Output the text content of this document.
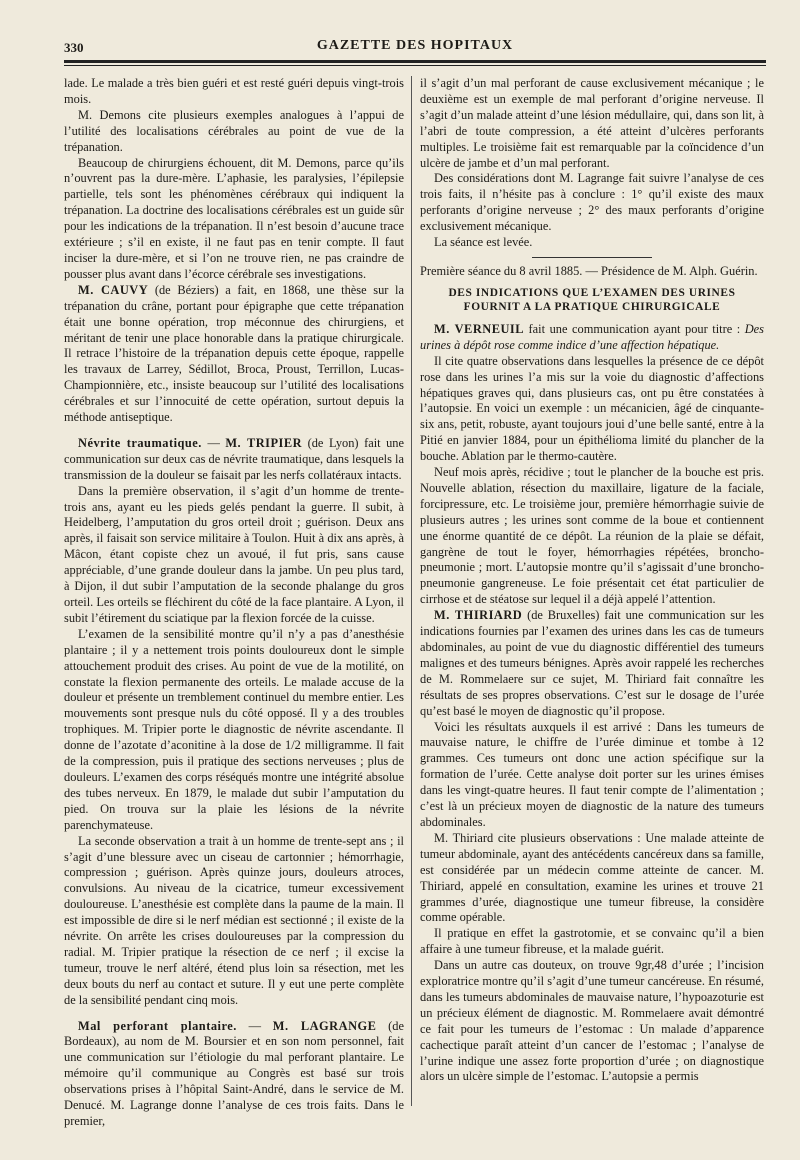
330	GAZETTE DES HOPITAUX

lade. Le malade a très bien guéri et est resté guéri depuis vingt-trois mois.

M. Demons cite plusieurs exemples analogues à l’appui de l’utilité des localisations cérébrales au point de vue de la trépanation.

Beaucoup de chirurgiens échouent, dit M. Demons, parce qu’ils n’ouvrent pas la dure-mère. L’aphasie, les paralysies, l’épilepsie partielle, tels sont les phénomènes cérébraux qui indiquent la trépanation. La doctrine des localisations cérébrales est un guide sûr pour les indications de la trépanation. Il n’est besoin d’aucune trace extérieure ; s’il en existe, il ne faut pas en tenir compte. Il faut inciser la dure-mère, et si l’on ne trouve rien, ne pas craindre de pousser plus avant dans l’écorce cérébrale ses investigations.

M. CAUVY (de Béziers) a fait, en 1868, une thèse sur la trépanation du crâne, portant pour épigraphe que cette trépanation était une bonne opération, trop méconnue des chirurgiens, et méritant de tenir une place honorable dans la pratique chirurgicale. Il retrace l’histoire de la trépanation depuis cette époque, rappelle les travaux de Larrey, Sédillot, Broca, Proust, Terrillon, Lucas-Championnière, etc., insiste beaucoup sur l’utilité des localisations cérébrales et sur l’innocuité de cette opération, surtout depuis la méthode antiseptique.

Névrite traumatique. — M. TRIPIER (de Lyon) fait une communication sur deux cas de névrite traumatique, dans lesquels la transmission de la douleur se faisait par les nerfs collatéraux intacts.

Dans la première observation, il s’agit d’un homme de trente-trois ans, ayant eu les pieds gelés pendant la guerre. Il subit, à Heidelberg, l’amputation du gros orteil droit ; guérison. Deux ans après, il faisait son service militaire à Toulon. Huit à dix ans après, à Mâcon, étant copiste chez un avoué, il fut pris, sans cause appréciable, d’une grande douleur dans la jambe. Un peu plus tard, à Dijon, il dut subir l’amputation de la seconde phalange du gros orteil. Les orteils se fléchirent du côté de la face plantaire. A Lyon, il subit l’étirement du sciatique par la flexion forcée de la cuisse.

L’examen de la sensibilité montre qu’il n’y a pas d’anesthésie plantaire ; il y a nettement trois points douloureux dont le simple attouchement produit des crises. Au point de vue de la motilité, on constate la flexion permanente des orteils. Le malade accuse de la douleur et présente un tremblement continuel du membre entier. Les mouvements sont presque nuls du côté opposé. Il y a des troubles trophiques. M. Tripier porte le diagnostic de névrite ascendante. Il donne de l’azotate d’aconitine à la dose de 1/2 milligramme. Il fait de la compression, puis il pratique des sections nerveuses ; plus de douleurs. L’examen des corps réséqués montre une intégrité absolue des tubes nerveux. En 1879, le malade dut subir l’amputation du pied. On trouva sur la plaie les lésions de la névrite parenchymateuse.

La seconde observation a trait à un homme de trente-sept ans ; il s’agit d’une blessure avec un ciseau de cartonnier ; hémorrhagie, compression ; guérison. Après quinze jours, douleurs atroces, convulsions. Au niveau de la cicatrice, tumeur excessivement douloureuse. L’anesthésie est complète dans la paume de la main. Il est impossible de dire si le nerf médian est sectionné ; il existe de la névrite. On arrête les crises douloureuses par la compression du radial. M. Tripier pratique la résection de ce nerf ; il excise la tumeur, trouve le nerf altéré, étend plus loin sa résection, met les deux bouts du nerf au contact et suture. Il y eut une perte complète de la sensibilité pendant cinq mois.

Mal perforant plantaire. — M. LAGRANGE (de Bordeaux), au nom de M. Boursier et en son nom personnel, fait une communication sur l’étiologie du mal perforant plantaire. Le mémoire qu’il communique au Congrès est basé sur trois observations prises à l’hôpital Saint-André, dans le service de M. Denucé. M. Lagrange donne l’analyse de ces trois faits. Dans le premier,

il s’agit d’un mal perforant de cause exclusivement mécanique ; le deuxième est un exemple de mal perforant d’origine nerveuse. Il s’agit d’un malade atteint d’une lésion médullaire, qui, dans son lit, à l’abri de toute compression, a été atteint d’ulcères perforants multiples. Le troisième fait est remarquable par la coïncidence d’un ulcère de jambe et d’un mal perforant.

Des considérations dont M. Lagrange fait suivre l’analyse de ces trois faits, il n’hésite pas à conclure : 1° qu’il existe des maux perforants d’origine nerveuse ; 2° des maux perforants d’origine exclusivement mécanique.

La séance est levée.

Première séance du 8 avril 1885. — Présidence de M. Alph. Guérin.

DES INDICATIONS QUE L’EXAMEN DES URINES FOURNIT A LA PRATIQUE CHIRURGICALE

M. VERNEUIL fait une communication ayant pour titre : Des urines à dépôt rose comme indice d’une affection hépatique.

Il cite quatre observations dans lesquelles la présence de ce dépôt rose dans les urines l’a mis sur la voie du diagnostic d’affections hépatiques graves qui, dans plusieurs cas, ont pu être constatées à l’autopsie. En voici un exemple : un mécanicien, âgé de cinquante-six ans, petit, robuste, ayant toujours joui d’une belle santé, entre à la Pitié en janvier 1884, pour un épithélioma limité du plancher de la bouche. Ablation par le thermo-cautère.

Neuf mois après, récidive ; tout le plancher de la bouche est pris. Nouvelle ablation, résection du maxillaire, ligature de la faciale, forcipressure, etc. Le troisième jour, première hémorrhagie suivie de plusieurs autres ; les urines sont comme de la boue et contiennent une énorme quantité de ce dépôt. La réunion de la plaie se défait, gangrène de tout le foyer, hémorrhagies répétées, broncho-pneumonie ; mort. L’autopsie montre qu’il s’agissait d’une broncho-pneumonie gangreneuse. Le foie présentait cet état particulier de cirrhose et de stéatose sur lequel il a déjà appelé l’attention.

M. THIRIARD (de Bruxelles) fait une communication sur les indications fournies par l’examen des urines dans les cas de tumeurs abdominales, au point de vue du diagnostic différentiel des tumeurs malignes et des tumeurs bénignes. Après avoir rappelé les recherches de M. Rommelaere sur ce sujet, M. Thiriard fait connaître les résultats de ses propres observations. C’est sur le dosage de l’urée qu’est basé le moyen de diagnostic qu’il propose.

Voici les résultats auxquels il est arrivé : Dans les tumeurs de mauvaise nature, le chiffre de l’urée diminue et tombe à 12 grammes. Ces tumeurs ont donc une action spécifique sur la formation de l’urée. Cette analyse doit porter sur les urines émises dans les vingt-quatre heures. Il faut tenir compte de l’alimentation ; c’est là un précieux moyen de diagnostic de la nature des tumeurs abdominales.

M. Thiriard cite plusieurs observations : Une malade atteinte de tumeur abdominale, ayant des antécédents cancéreux dans sa famille, est considérée par un médecin comme atteinte de cancer. M. Thiriard, appelé en consultation, examine les urines et trouve 21 grammes d’urée, diagnostique une tumeur fibreuse, la considère comme opérable.

Il pratique en effet la gastrotomie, et se convainc qu’il a bien affaire à une tumeur fibreuse, et la malade guérit.

Dans un autre cas douteux, on trouve 9gr,48 d’urée ; l’incision exploratrice montre qu’il s’agit d’une tumeur cancéreuse. En résumé, dans les tumeurs abdominales de mauvaise nature, l’hypoazoturie est un précieux élément de diagnostic. M. Rommelaere avait démontré ce fait pour les tumeurs de l’estomac : Un malade d’apparence cachectique paraît atteint d’un cancer de l’estomac ; l’analyse de l’urine indique une assez forte proportion d’urée ; on diagnostique alors un ulcère simple de l’estomac. L’autopsie a permis
